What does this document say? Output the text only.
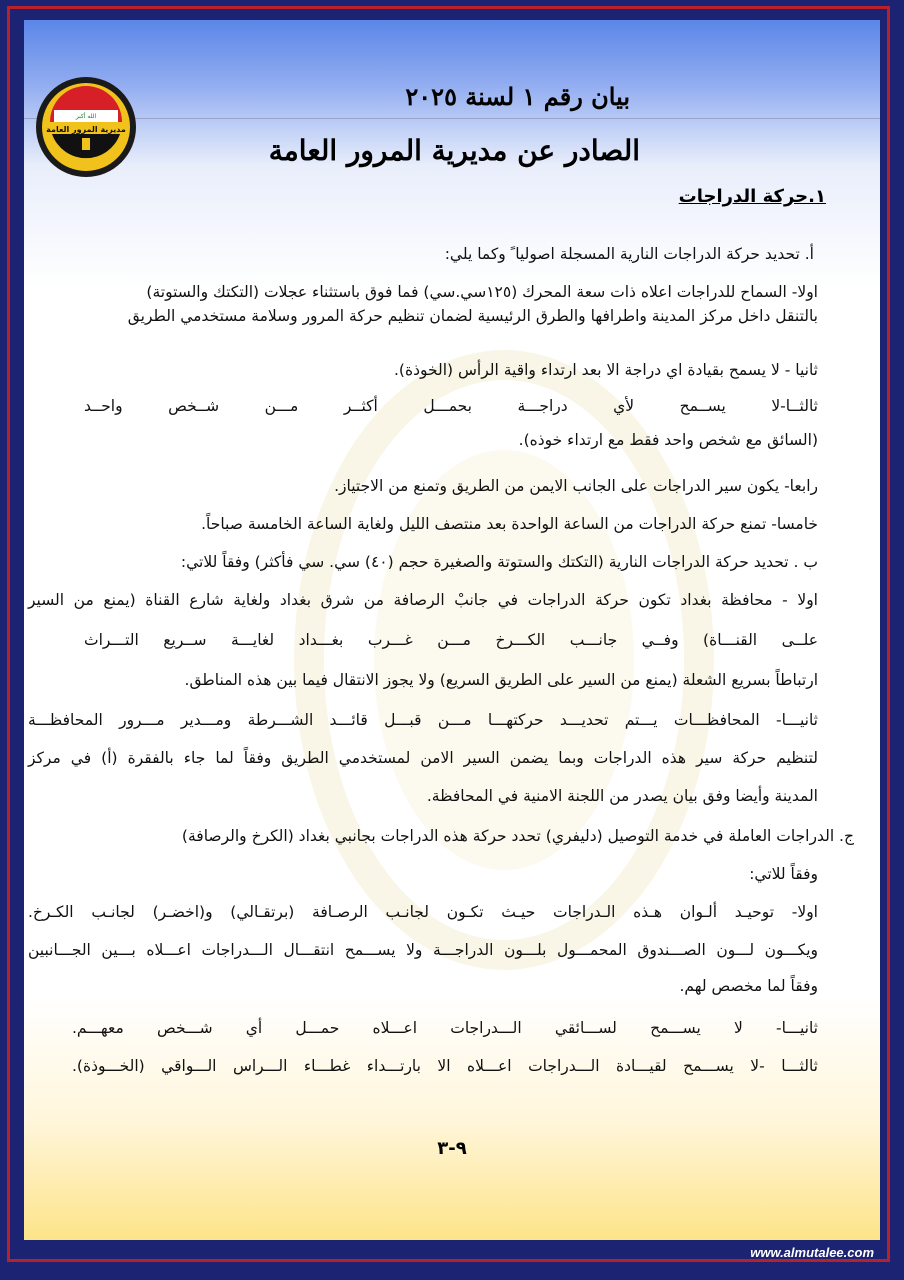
الله أكبر
مديرية المرور العامة
بيان رقم ١ لسنة ٢٠٢٥
الصادر عن مديرية المرور العامة
١.حركة الدراجات
أ. تحديد حركة الدراجات النارية المسجلة اصوليا ً وكما يلي:
اولا- السماح للدراجات اعلاه ذات سعة المحرك (١٢٥سي.سي) فما فوق باستثناء عجلات (التكتك والستوتة)
بالتنقل داخل مركز المدينة واطرافها والطرق الرئيسية لضمان تنظيم حركة المرور وسلامة مستخدمي الطريق
ثانيا - لا يسمح بقيادة اي دراجة الا بعد ارتداء واقية الرأس (الخوذة).
ثالثــا-لا يســمح لأي دراجـــة بحمـــل أكثــر مـــن شــخص واحــد
(السائق مع شخص واحد فقط مع ارتداء خوذه).
رابعا- يكون سير الدراجات على الجانب الايمن من الطريق وتمنع من الاجتياز.
خامسا- تمنع حركة الدراجات من الساعة الواحدة بعد منتصف الليل ولغاية الساعة الخامسة صباحاً.
ب . تحديد حركة الدراجات النارية (التكتك والستوتة والصغيرة حجم (٤٠) سي. سي فأكثر) وفقاً للاتي:
اولا - محافظة بغداد تكون حركة الدراجات في جانبْ الرصافة من شرق بغداد ولغاية شارع القناة (يمنع من السير
علــى القنـــاة) وفــي جانـــب الكـــرخ مـــن غـــرب بغـــداد لغايـــة ســريع التـــراث
ارتباطاً بسريع الشعلة (يمنع من السير على الطريق السريع) ولا يجوز الانتقال فيما بين هذه المناطق.
ثانيـــا- المحافظـــات يـــتم تحديـــد حركتهـــا مـــن قبـــل قائـــد الشـــرطة ومـــدير مـــرور المحافظـــة
لتنظيم حركة سير هذه الدراجات وبما يضمن السير الامن لمستخدمي الطريق وفقاً لما جاء بالفقرة (أ) في مركز
المدينة وأيضا وفق بيان يصدر من اللجنة الامنية في المحافظة.
ج. الدراجات العاملة في خدمة التوصيل (دليفري) تحدد حركة هذه الدراجات بجانبي بغداد (الكرخ والرصافة)
وفقاً للاتي:
اولا- توحيـد ألـوان هـذه الـدراجات حيـث تكـون لجانـب الرصـافة (برتقـالي) و(اخضـر) لجانـب الكـرخ.
ويكـــون لـــون الصـــندوق المحمـــول بلـــون الدراجـــة ولا يســـمح انتقـــال الـــدراجات اعـــلاه بـــين الجـــانبين
وفقاً لما مخصص لهم.
ثانيـــا- لا يســـمح لســـائقي الـــدراجات اعـــلاه حمـــل أي شـــخص معهـــم.
ثالثـــا -لا يســـمح لقيـــادة الـــدراجات اعـــلاه الا بارتـــداء غطـــاء الـــراس الـــواقي (الخـــوذة).
٩-٣
www.almutalee.com
